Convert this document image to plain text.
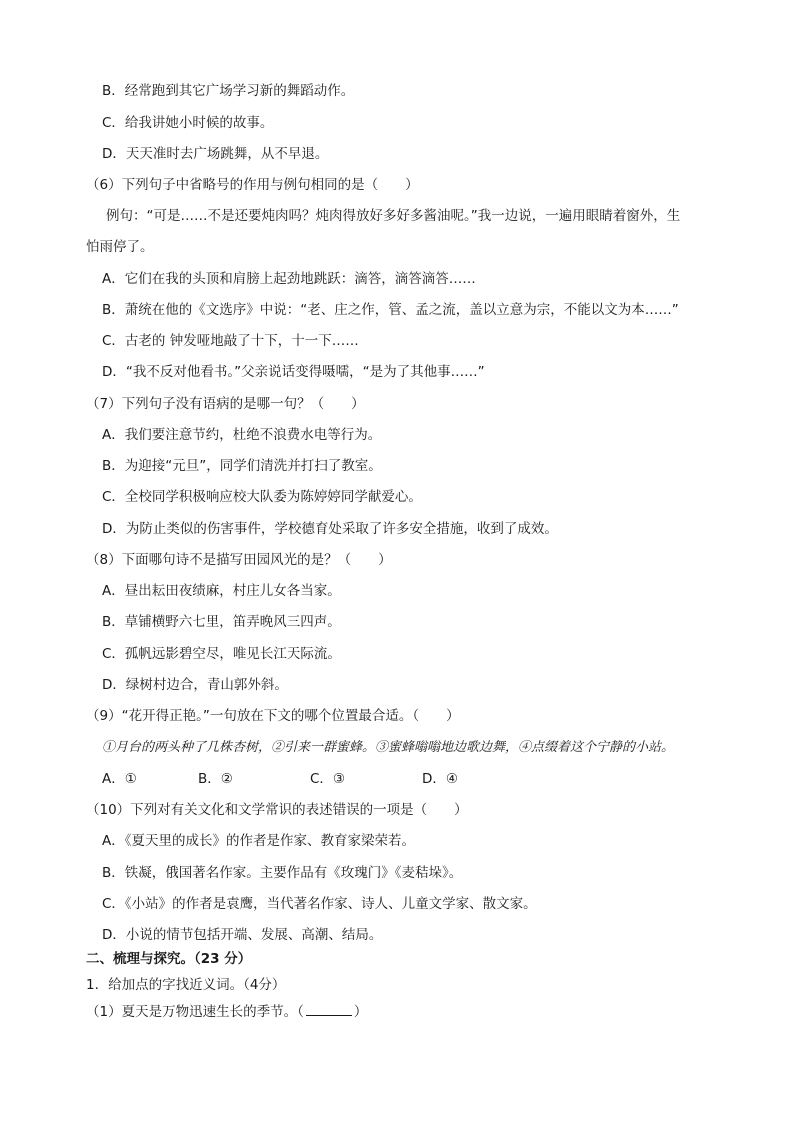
B．经常跑到其它广场学习新的舞蹈动作。
C．给我讲她小时候的故事。
D．天天准时去广场跳舞，从不早退。
（6）下列句子中省略号的作用与例句相同的是（　　）
例句：“可是……不是还要炖肉吗？炖肉得放好多好多酱油呢。”我一边说，一遍用眼睛着窗外，生
怕雨停了。
A．它们在我的头顶和肩膀上起劲地跳跃：滴答，滴答滴答……
B．萧统在他的《文选序》中说：“老、庄之作，管、孟之流，盖以立意为宗，不能以文为本……”
C．古老的 钟发哑地敲了十下，十一下……
D．“我不反对他看书。”父亲说话变得嗫嚅，“是为了其他事……”
（7）下列句子没有语病的是哪一句？（　　）
A．我们要注意节约，杜绝不浪费水电等行为。
B．为迎接“元旦”，同学们清洗并打扫了教室。
C．全校同学积极响应校大队委为陈婷婷同学献爱心。
D．为防止类似的伤害事件，学校德育处采取了许多安全措施，收到了成效。
（8）下面哪句诗不是描写田园风光的是？（　　）
A．昼出耘田夜绩麻，村庄儿女各当家。
B．草铺横野六七里，笛弄晚风三四声。
C．孤帆远影碧空尽，唯见长江天际流。
D．绿树村边合，青山郭外斜。
（9）“花开得正艳。”一句放在下文的哪个位置最合适。（　　）
①月台的两头种了几株杏树，②引来一群蜜蜂。③蜜蜂嗡嗡地边歌边舞，④点缀着这个宁静的小站。
A．①	B．②	C．③	D．④
（10）下列对有关文化和文学常识的表述错误的一项是（　　）
A．《夏天里的成长》的作者是作家、教育家梁荣若。
B．铁凝，俄国著名作家。主要作品有《玫瑰门》《麦秸垛》。
C．《小站》的作者是袁鹰，当代著名作家、诗人、儿童文学家、散文家。
D．小说的情节包括开端、发展、高潮、结局。
二、梳理与探究。（23 分）
1．给加点的字找近义词。（4分）
（1）夏天是万物迅速生长的季节。（	）
